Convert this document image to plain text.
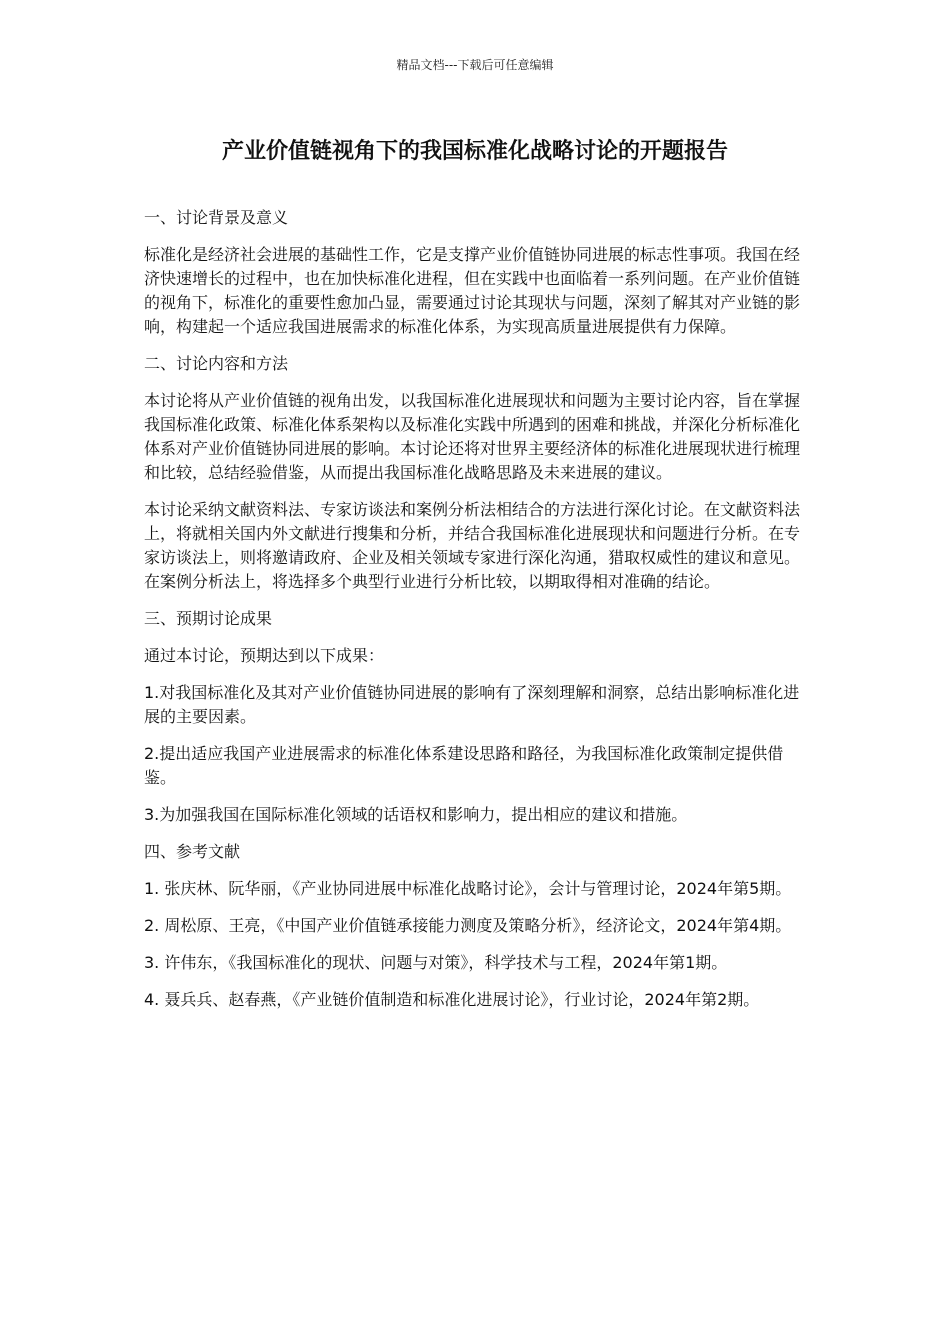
精品文档---下载后可任意编辑
产业价值链视角下的我国标准化战略讨论的开题报告

一、讨论背景及意义

标准化是经济社会进展的基础性工作，它是支撑产业价值链协同进展的标志性事项。我国在经济快速增长的过程中，也在加快标准化进程，但在实践中也面临着一系列问题。在产业价值链的视角下，标准化的重要性愈加凸显，需要通过讨论其现状与问题，深刻了解其对产业链的影响，构建起一个适应我国进展需求的标准化体系，为实现高质量进展提供有力保障。

二、讨论内容和方法

本讨论将从产业价值链的视角出发，以我国标准化进展现状和问题为主要讨论内容，旨在掌握我国标准化政策、标准化体系架构以及标准化实践中所遇到的困难和挑战，并深化分析标准化体系对产业价值链协同进展的影响。本讨论还将对世界主要经济体的标准化进展现状进行梳理和比较，总结经验借鉴，从而提出我国标准化战略思路及未来进展的建议。

本讨论采纳文献资料法、专家访谈法和案例分析法相结合的方法进行深化讨论。在文献资料法上，将就相关国内外文献进行搜集和分析，并结合我国标准化进展现状和问题进行分析。在专家访谈法上，则将邀请政府、企业及相关领域专家进行深化沟通，猎取权威性的建议和意见。在案例分析法上，将选择多个典型行业进行分析比较，以期取得相对准确的结论。

三、预期讨论成果

通过本讨论，预期达到以下成果：

1.对我国标准化及其对产业价值链协同进展的影响有了深刻理解和洞察，总结出影响标准化进展的主要因素。

2.提出适应我国产业进展需求的标准化体系建设思路和路径，为我国标准化政策制定提供借鉴。

3.为加强我国在国际标准化领域的话语权和影响力，提出相应的建议和措施。

四、参考文献

1. 张庆林、阮华丽，《产业协同进展中标准化战略讨论》，会计与管理讨论，2024年第5期。

2. 周松原、王亮，《中国产业价值链承接能力测度及策略分析》，经济论文，2024年第4期。

3. 许伟东，《我国标准化的现状、问题与对策》，科学技术与工程，2024年第1期。

4. 聂兵兵、赵春燕，《产业链价值制造和标准化进展讨论》，行业讨论，2024年第2期。
